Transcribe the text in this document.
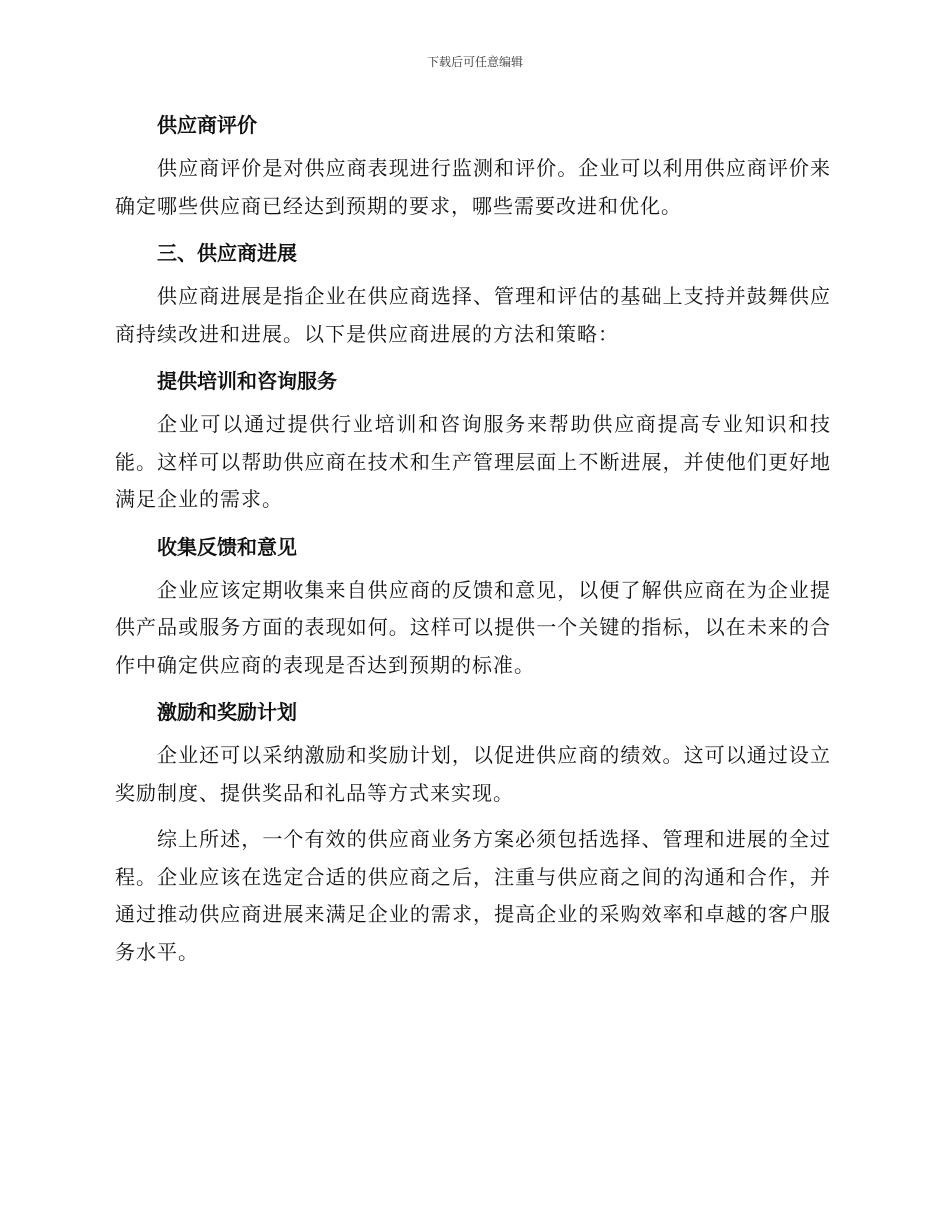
下载后可任意编辑
供应商评价

供应商评价是对供应商表现进行监测和评价。企业可以利用供应商评价来确定哪些供应商已经达到预期的要求，哪些需要改进和优化。

三、供应商进展

供应商进展是指企业在供应商选择、管理和评估的基础上支持并鼓舞供应商持续改进和进展。以下是供应商进展的方法和策略：

提供培训和咨询服务

企业可以通过提供行业培训和咨询服务来帮助供应商提高专业知识和技能。这样可以帮助供应商在技术和生产管理层面上不断进展，并使他们更好地满足企业的需求。

收集反馈和意见

企业应该定期收集来自供应商的反馈和意见，以便了解供应商在为企业提供产品或服务方面的表现如何。这样可以提供一个关键的指标，以在未来的合作中确定供应商的表现是否达到预期的标准。

激励和奖励计划

企业还可以采纳激励和奖励计划，以促进供应商的绩效。这可以通过设立奖励制度、提供奖品和礼品等方式来实现。

综上所述，一个有效的供应商业务方案必须包括选择、管理和进展的全过程。企业应该在选定合适的供应商之后，注重与供应商之间的沟通和合作，并通过推动供应商进展来满足企业的需求，提高企业的采购效率和卓越的客户服务水平。
